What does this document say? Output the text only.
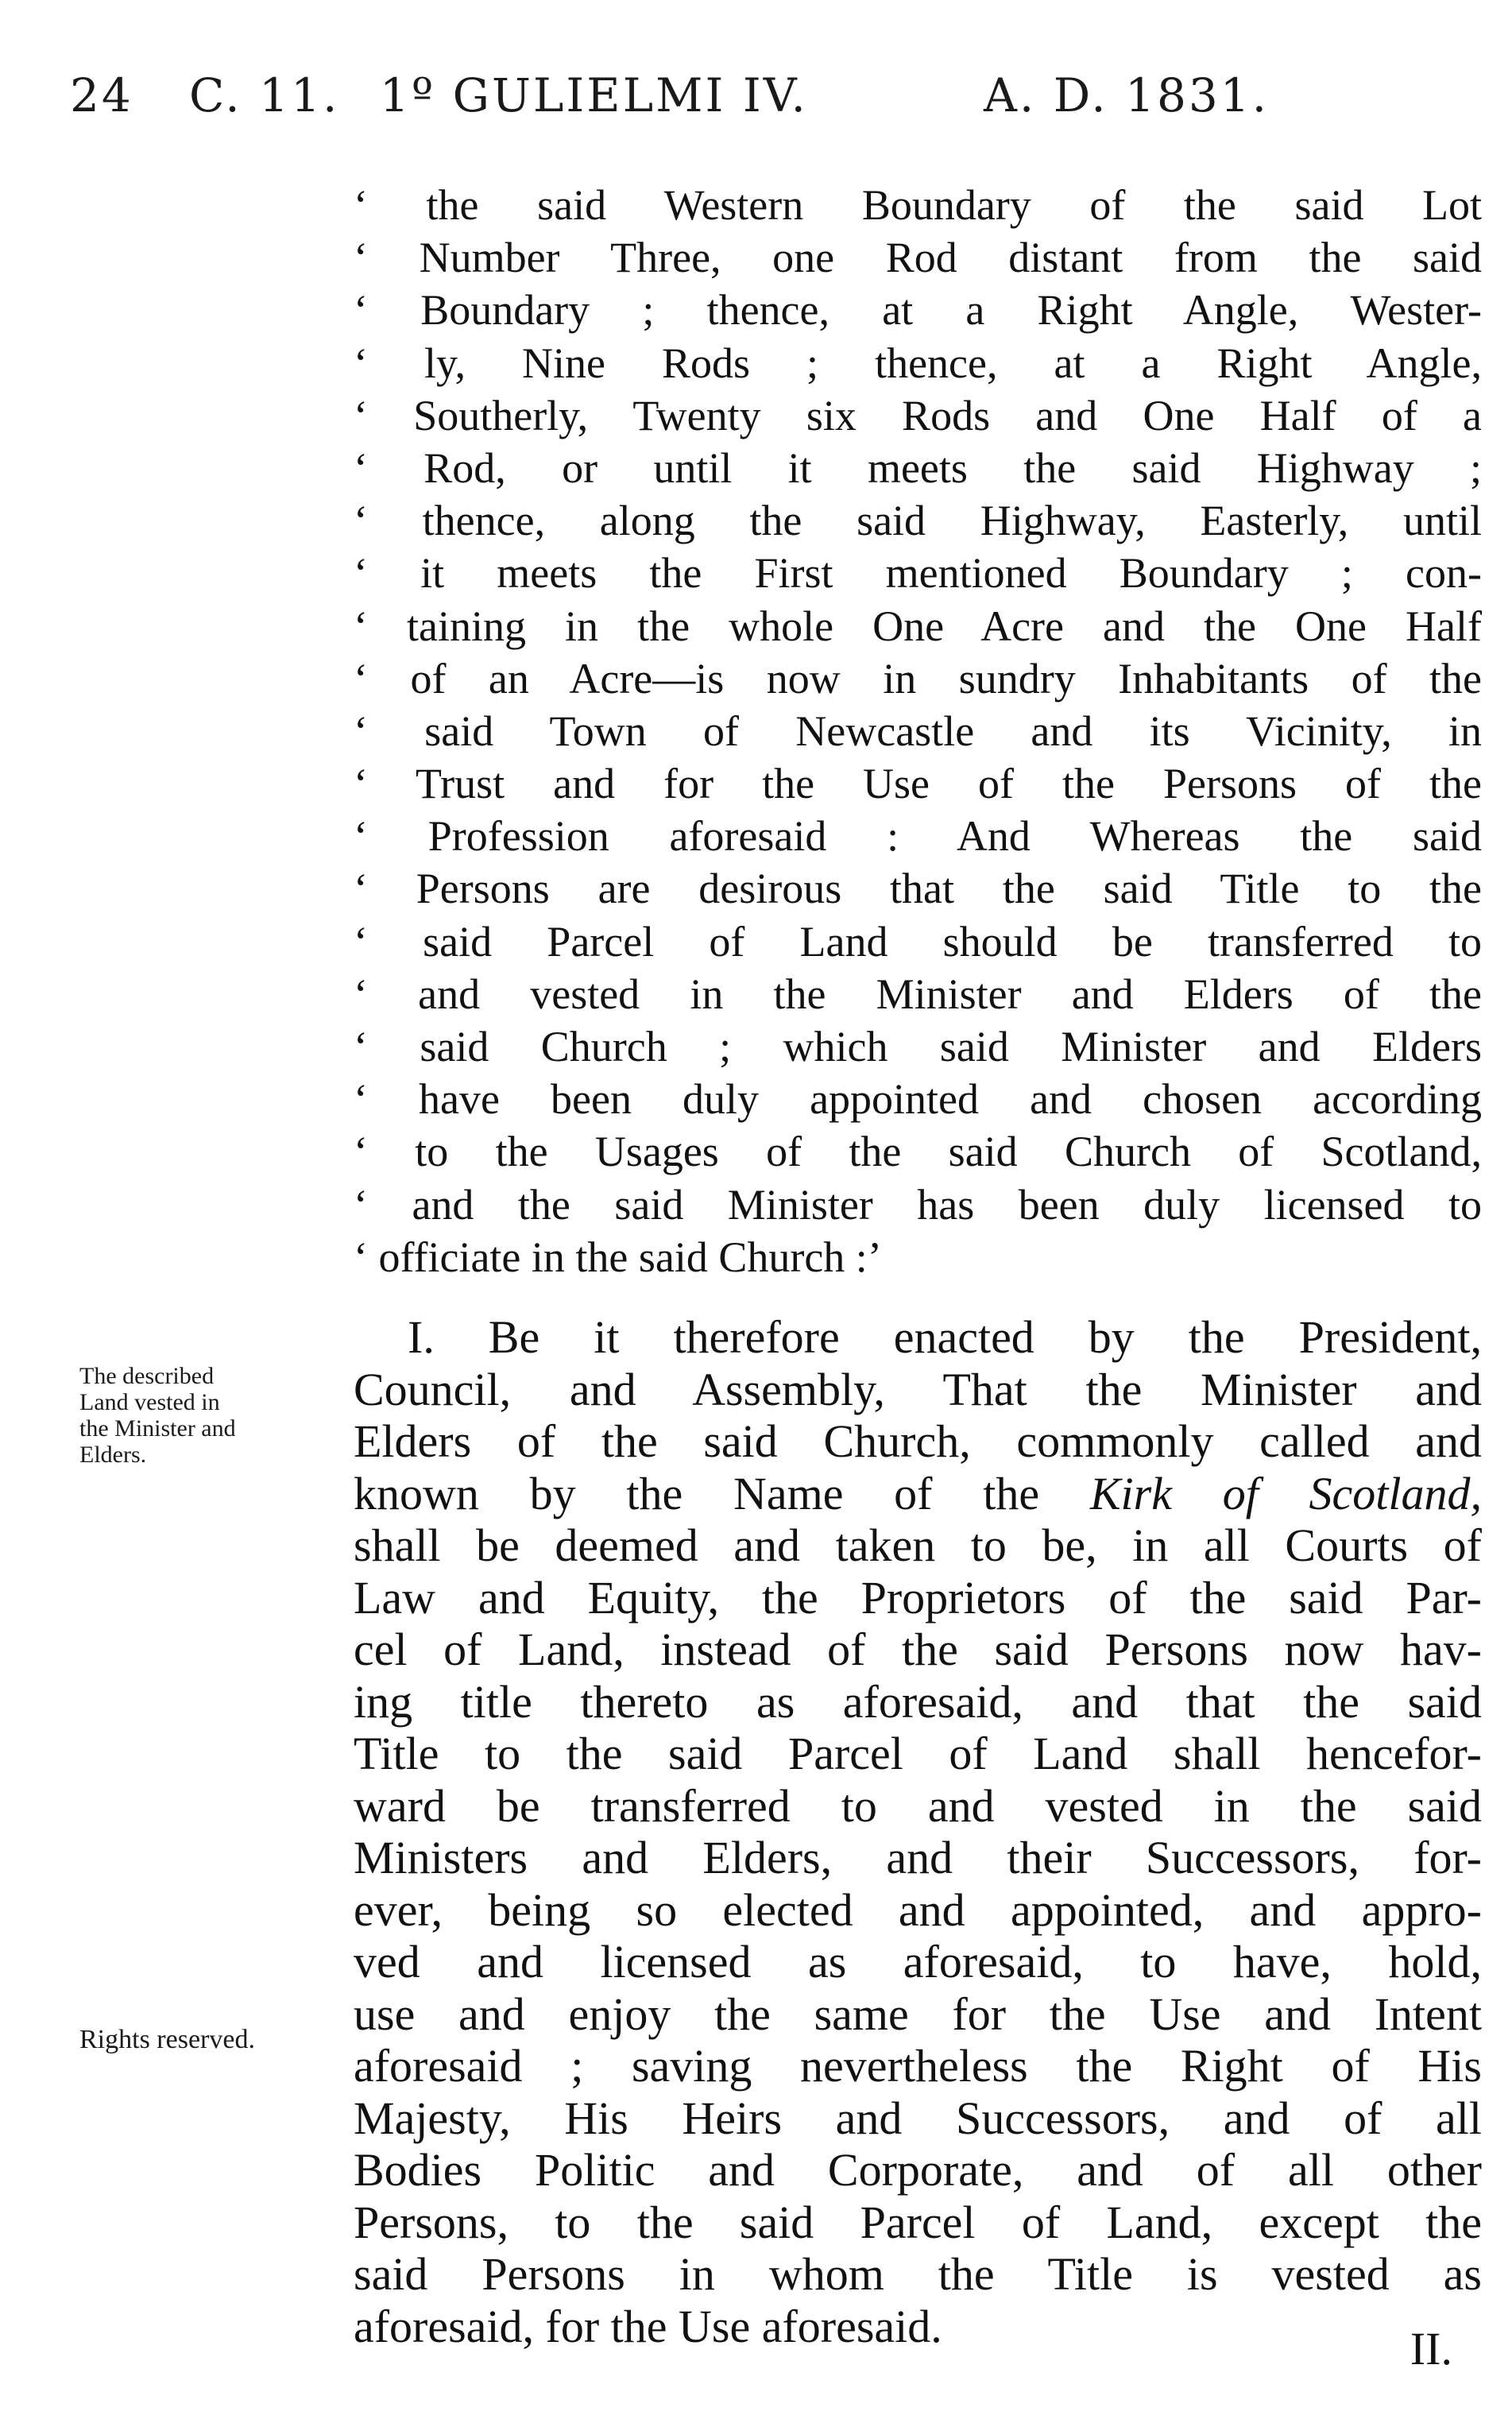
24	C. 11. 1º GULIELMI IV.	A. D. 1831.
‘ the said Western Boundary of the said Lot
‘ Number Three, one Rod distant from the said
‘ Boundary ; thence, at a Right Angle, Wester-
‘ ly, Nine Rods ; thence, at a Right Angle,
‘ Southerly, Twenty six Rods and One Half of a
‘ Rod, or until it meets the said Highway ;
‘ thence, along the said Highway, Easterly, until
‘ it meets the First mentioned Boundary ; con-
‘ taining in the whole One Acre and the One Half
‘ of an Acre—is now in sundry Inhabitants of the
‘ said Town of Newcastle and its Vicinity, in
‘ Trust and for the Use of the Persons of the
‘ Profession aforesaid : And Whereas the said
‘ Persons are desirous that the said Title to the
‘ said Parcel of Land should be transferred to
‘ and vested in the Minister and Elders of the
‘ said Church ; which said Minister and Elders
‘ have been duly appointed and chosen according
‘ to the Usages of the said Church of Scotland,
‘ and the said Minister has been duly licensed to
‘ officiate in the said Church :’
I. Be it therefore enacted by the President,
Council, and Assembly, That the Minister and
Elders of the said Church, commonly called and
known by the Name of the Kirk of Scotland,
shall be deemed and taken to be, in all Courts of
Law and Equity, the Proprietors of the said Par-
cel of Land, instead of the said Persons now hav-
ing title thereto as aforesaid, and that the said
Title to the said Parcel of Land shall hencefor-
ward be transferred to and vested in the said
Ministers and Elders, and their Successors, for-
ever, being so elected and appointed, and appro-
ved and licensed as aforesaid, to have, hold,
use and enjoy the same for the Use and Intent
aforesaid ; saving nevertheless the Right of His
Majesty, His Heirs and Successors, and of all
Bodies Politic and Corporate, and of all other
Persons, to the said Parcel of Land, except the
said Persons in whom the Title is vested as
aforesaid, for the Use aforesaid.
The described
Land vested in
the Minister and
Elders.
Rights reserved.
II.
